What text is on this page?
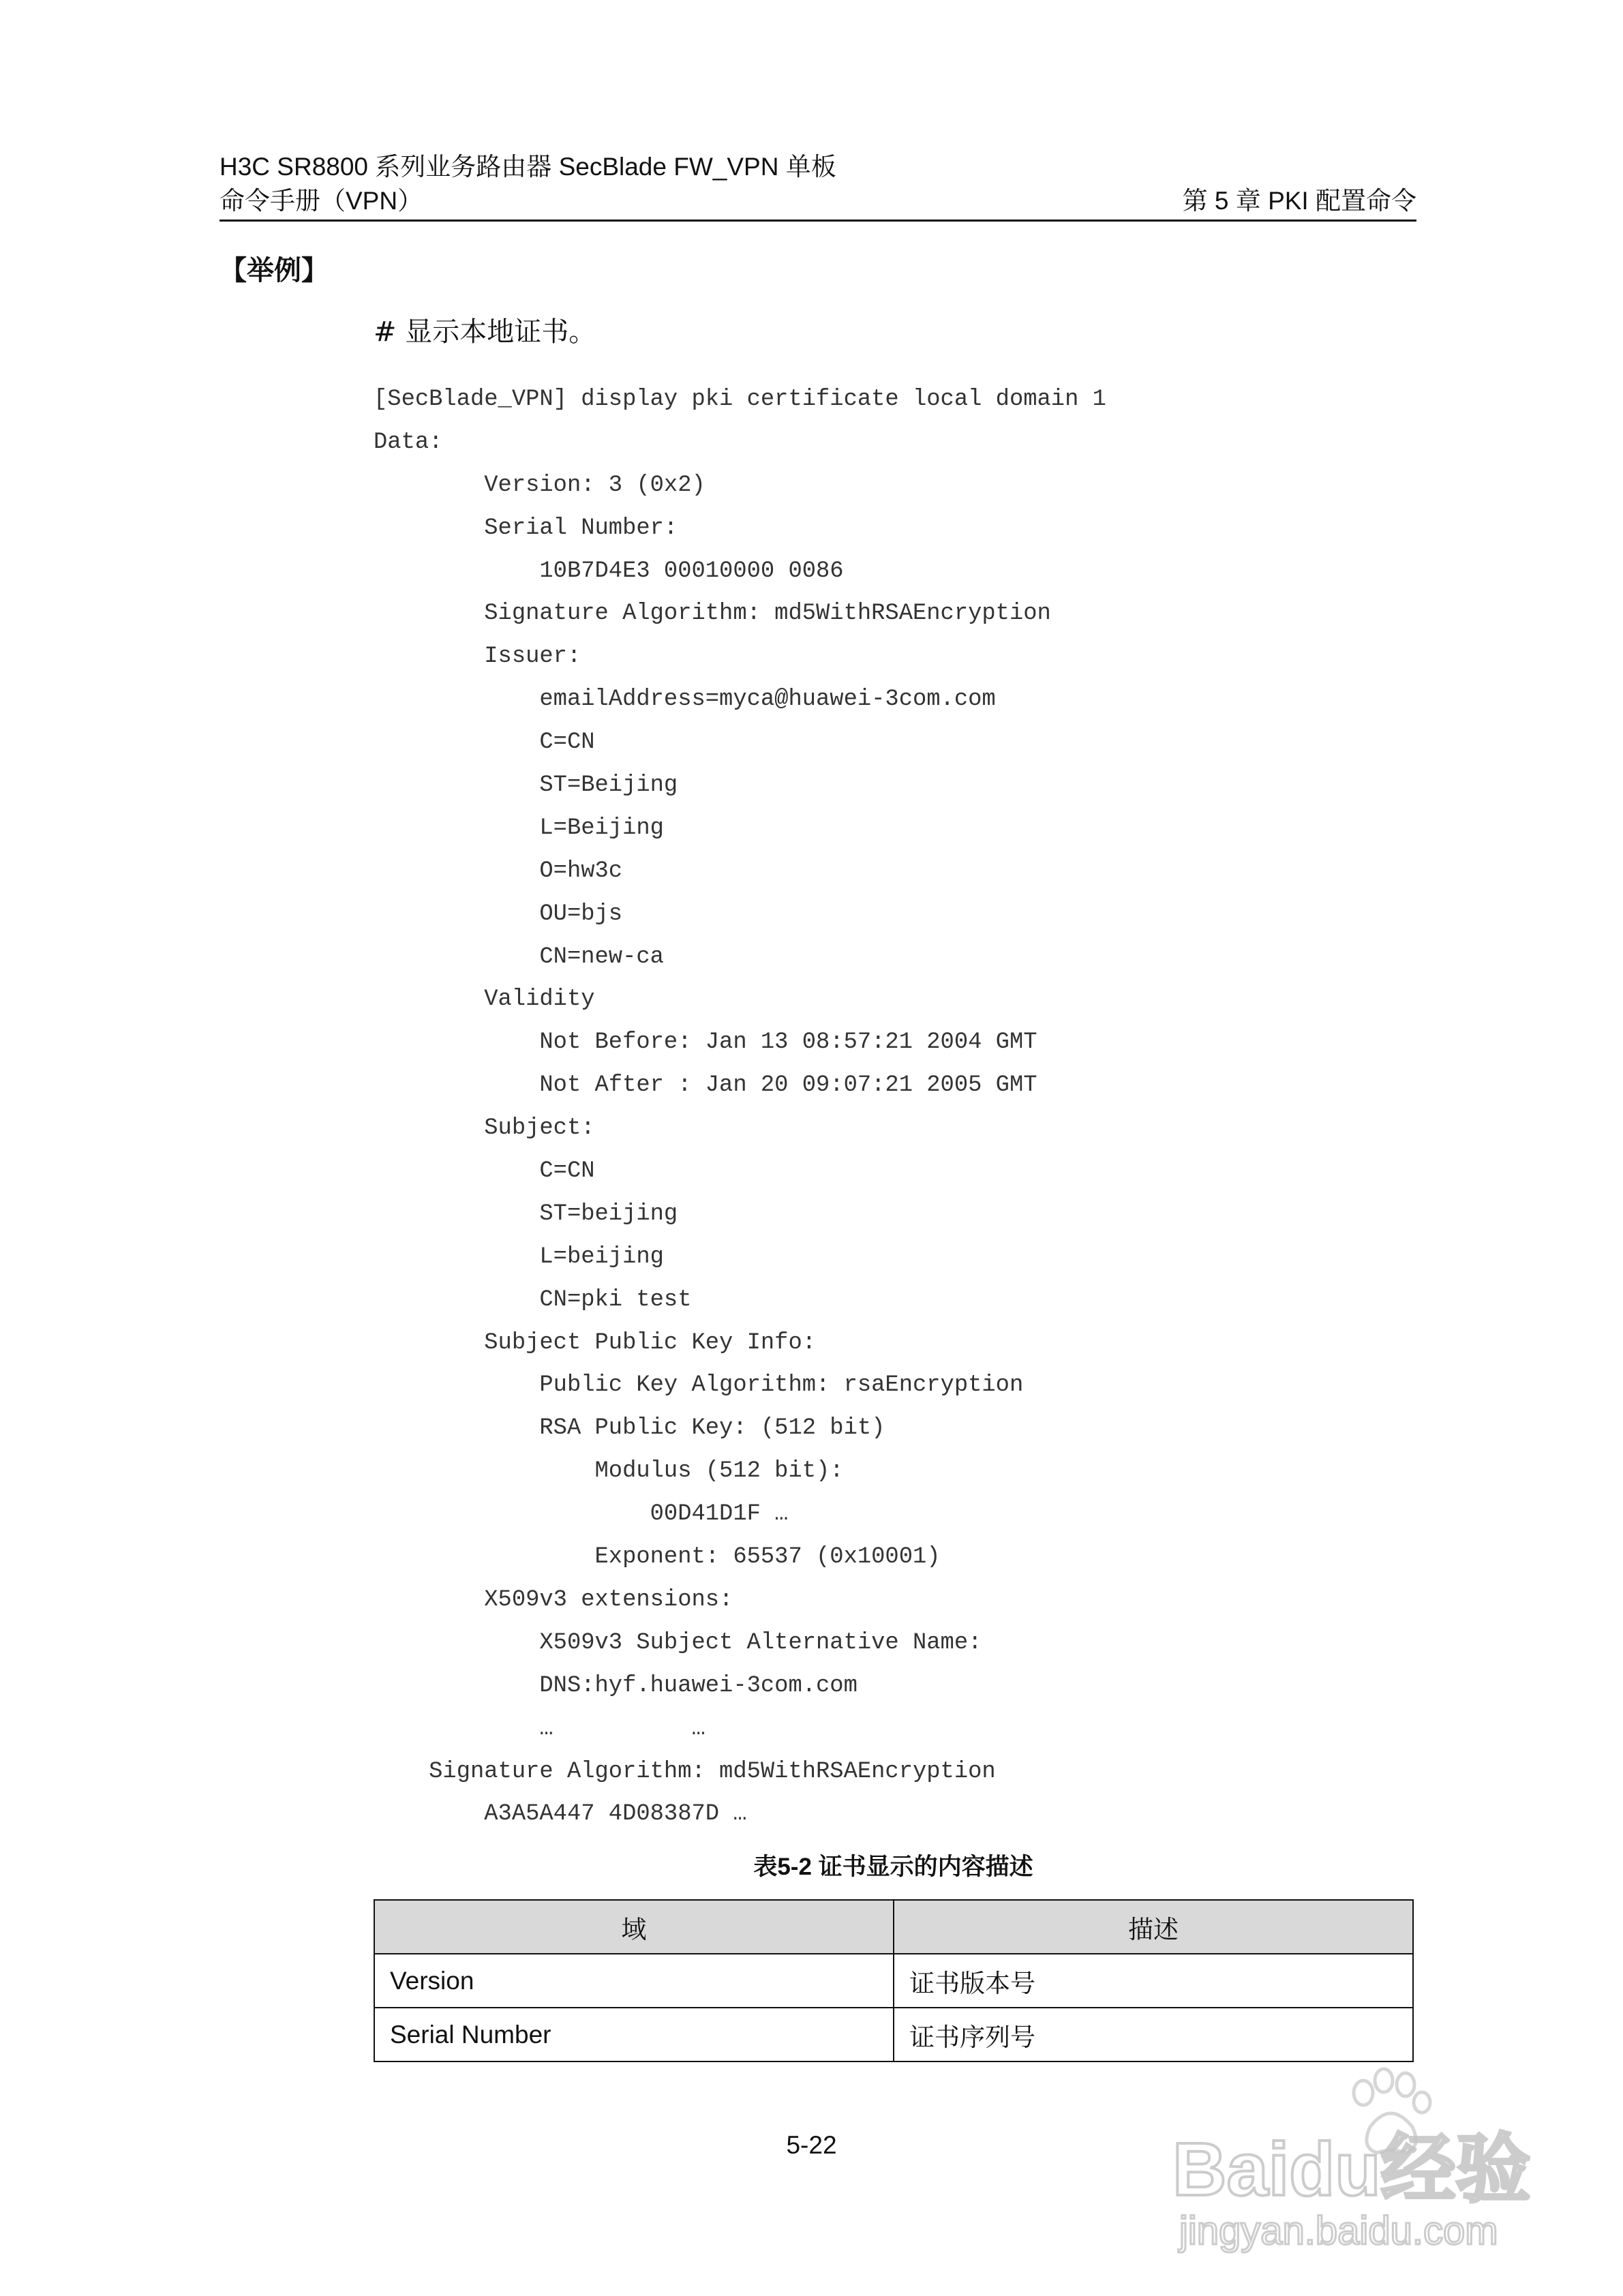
H3C SR8800 系列业务路由器 SecBlade FW_VPN 单板
命令手册（VPN）	第 5 章 PKI 配置命令
【举例】
# 显示本地证书。
[SecBlade_VPN] display pki certificate local domain 1
Data:
Version: 3 (0x2)
Serial Number:
10B7D4E3 00010000 0086
Signature Algorithm: md5WithRSAEncryption
Issuer:
emailAddress=myca@huawei-3com.com
C=CN
ST=Beijing
L=Beijing
O=hw3c
OU=bjs
CN=new-ca
Validity
Not Before: Jan 13 08:57:21 2004 GMT
Not After : Jan 20 09:07:21 2005 GMT
Subject:
C=CN
ST=beijing
L=beijing
CN=pki test
Subject Public Key Info:
Public Key Algorithm: rsaEncryption
RSA Public Key: (512 bit)
Modulus (512 bit):
00D41D1F …
Exponent: 65537 (0x10001)
X509v3 extensions:
X509v3 Subject Alternative Name:
DNS:hyf.huawei-3com.com
…          …
Signature Algorithm: md5WithRSAEncryption
A3A5A447 4D08387D …
表5-2 证书显示的内容描述
域	描述
Version	证书版本号
Serial Number	证书序列号
5-22	Baidu经验
jingyan.baidu.com
